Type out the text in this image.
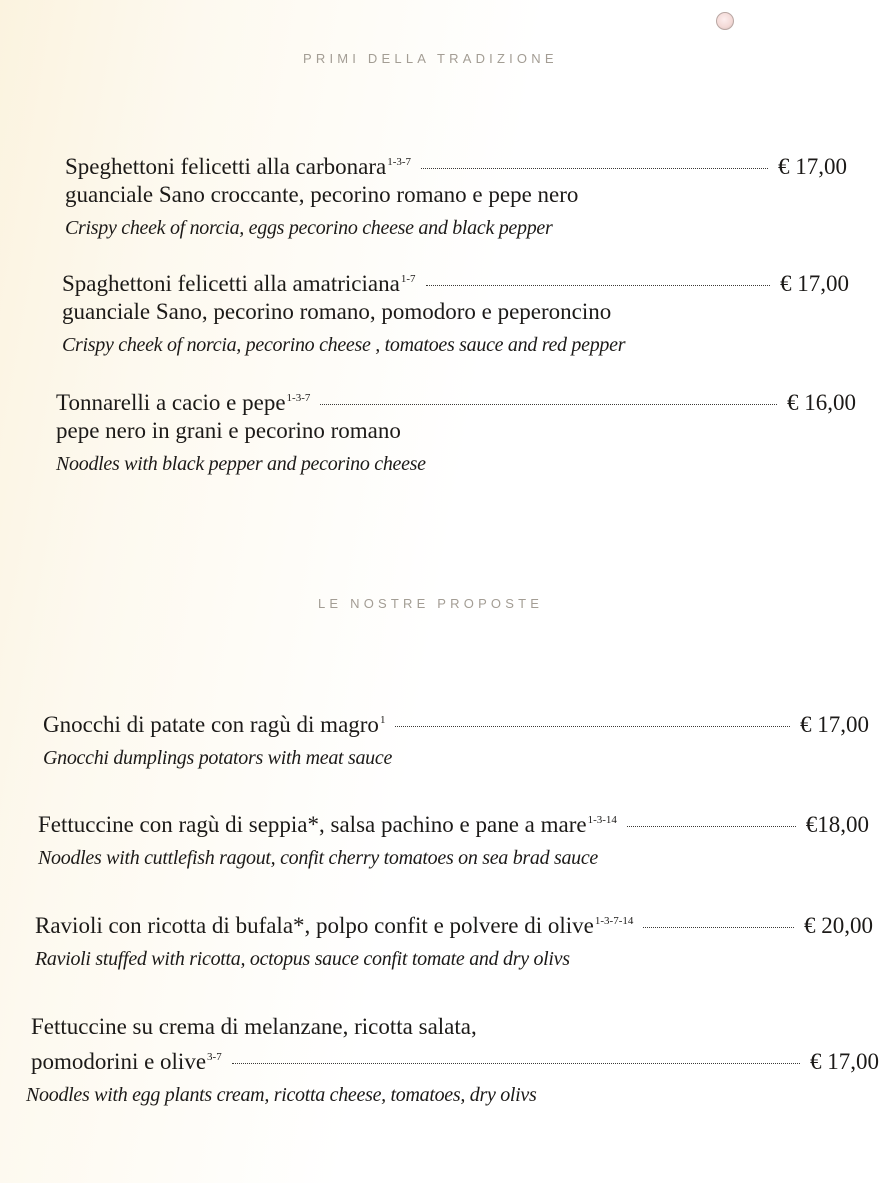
PRIMI DELLA TRADIZIONE
Speghettoni felicetti alla carbonara$^{1-3-7}$	€ 17,00
guanciale Sano croccante, pecorino romano e pepe nero
Crispy cheek of norcia, eggs pecorino cheese and black pepper
Spaghettoni felicetti alla amatriciana$^{1-7}$	€ 17,00
guanciale Sano, pecorino romano, pomodoro e peperoncino
Crispy cheek of norcia, pecorino cheese , tomatoes sauce and red pepper
Tonnarelli a cacio e pepe$^{1-3-7}$	€ 16,00
pepe nero in grani e pecorino romano
Noodles with black pepper and pecorino cheese
LE NOSTRE PROPOSTE
Gnocchi di patate con ragù di magro$^1$	€ 17,00
Gnocchi dumplings potators with meat sauce
Fettuccine con ragù di seppia*, salsa pachino e pane a mare$^{1-3-14}$	€18,00
Noodles with cuttlefish ragout, confit cherry tomatoes on sea brad sauce
Ravioli con ricotta di bufala*, polpo confit e polvere di olive$^{1-3-7-14}$	€ 20,00
Ravioli stuffed with ricotta, octopus sauce confit tomate and dry olivs
Fettuccine su crema di melanzane, ricotta salata,
pomodorini e olive$^{3-7}$	€ 17,00
Noodles with egg plants cream, ricotta cheese, tomatoes, dry olivs
